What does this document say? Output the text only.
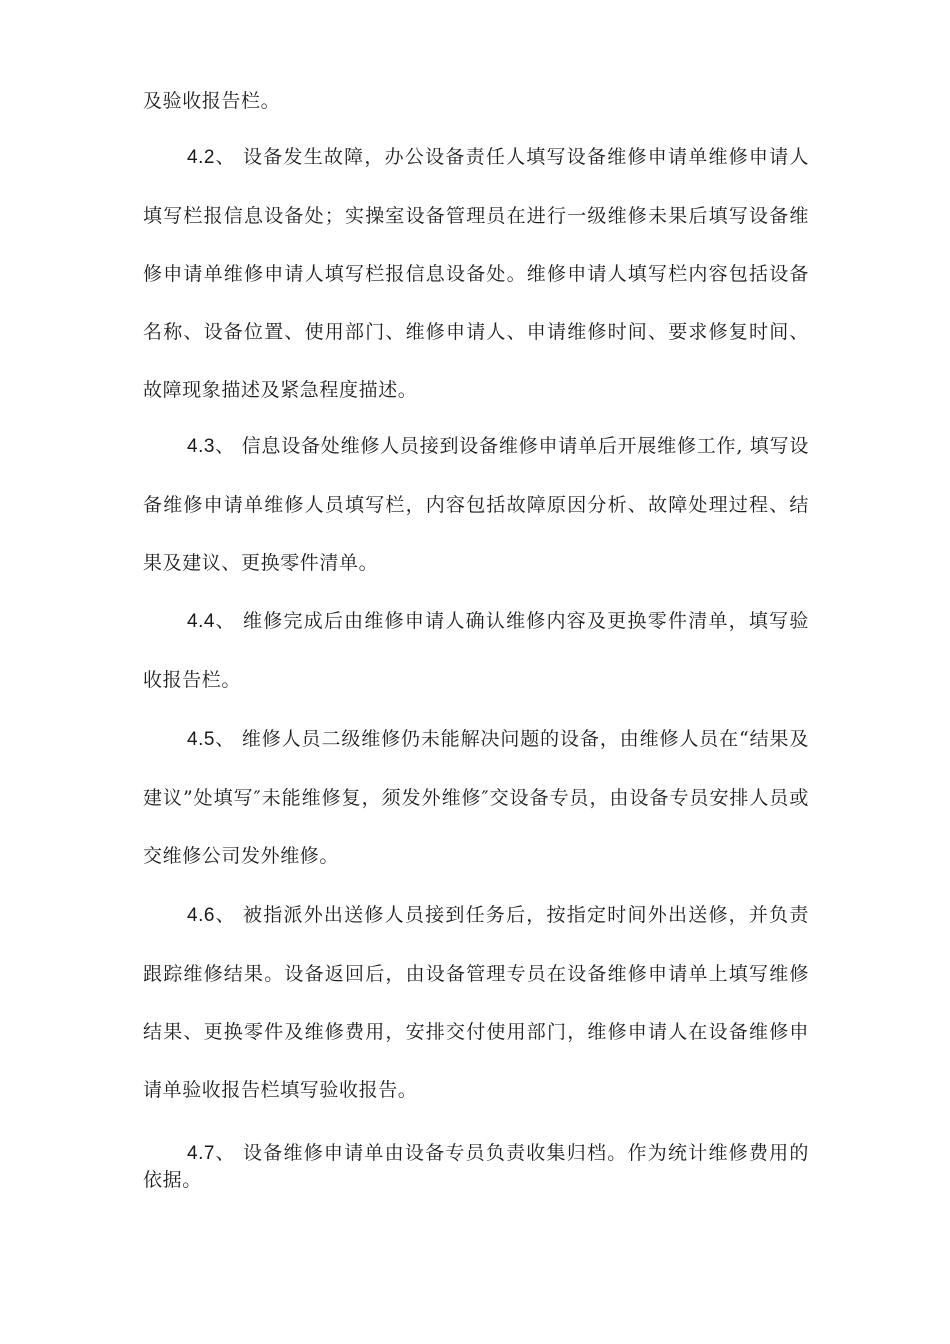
及验收报告栏。

4.2、 设备发生故障，办公设备责任人填写设备维修申请单维修申请人填写栏报信息设备处；实操室设备管理员在进行一级维修未果后填写设备维修申请单维修申请人填写栏报信息设备处。维修申请人填写栏内容包括设备名称、设备位置、使用部门、维修申请人、申请维修时间、要求修复时间、故障现象描述及紧急程度描述。

4.3、 信息设备处维修人员接到设备维修申请单后开展维修工作, 填写设备维修申请单维修人员填写栏，内容包括故障原因分析、故障处理过程、结果及建议、更换零件清单。

4.4、 维修完成后由维修申请人确认维修内容及更换零件清单，填写验收报告栏。

4.5、 维修人员二级维修仍未能解决问题的设备，由维修人员在“结果及建议”处填写″未能维修复，须发外维修″交设备专员，由设备专员安排人员或交维修公司发外维修。

4.6、 被指派外出送修人员接到任务后，按指定时间外出送修，并负责跟踪维修结果。设备返回后，由设备管理专员在设备维修申请单上填写维修结果、更换零件及维修费用，安排交付使用部门，维修申请人在设备维修申请单验收报告栏填写验收报告。

4.7、 设备维修申请单由设备专员负责收集归档。作为统计维修费用的依据。
